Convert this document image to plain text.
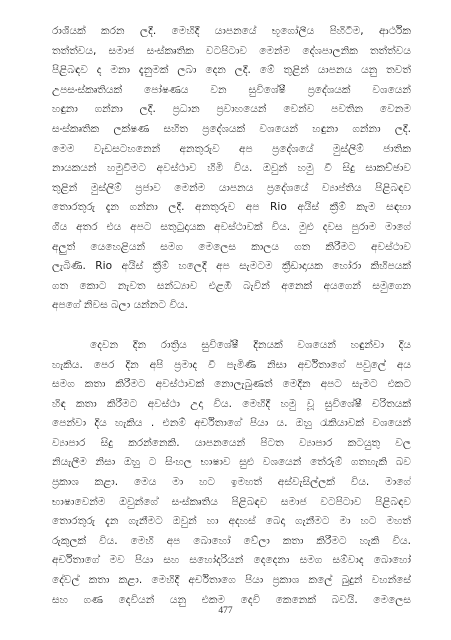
රාශියක් කරන ලදී. මෙහිදී යාපනයේ භූගෝලීය පිහිටීම, ආර්ථික
තත්ත්වය, සමාජ සංස්කෘතික වටපිටාව මෙන්ම දේශපාලනික තත්ත්වය
පිළිබඳව ද මනා දැනුමක් ලබා දෙන ලදී. මේ තුළින් යාපනය යනු තවත්
උපසංස්කෘතියක් පෝෂණය වන සුවිශේෂී ප්‍රදේශයක් වශයෙන්
හඳුනා ගන්නා ලදී. ප්‍රධාන ප්‍රවාහයෙන් වෙන්ව පවතින වෙනම
සංස්කෘතික ලක්ෂණ සහිත ප්‍රදේශයක් වශයෙන් හඳුනා ගන්නා ලදී.
මෙම වැඩසටහනෙන් අනතුරුව අප ප්‍රදේශයේ මුස්ලිම් ජාතික
නායකයන් හමුවීමට අවස්ථාව හිමි විය. ඔවුන් හමු වී සිදු සාකච්ඡාව
තුළින් මුස්ලිම් ප්‍රජාව මෙන්ම යාපනය ප්‍රදේශයේ ව්‍යාප්තිය පිළිබඳව
තොරතුරු දැන ගන්නා ලදී. අනතුරුව අප Rio අයිස් ක්‍රීම් කැම සඳහා
ගිය අතර එය අපට සතුටුදායක අවස්ථාවක් විය. මුළු දවස පුරාම මාගේ
අලුත් යෙහෙළියන් සමග මෙලෙස කාලය ගත කිරීමට අවස්ථාව
ලැබිණි. Rio අයිස් ක්‍රීම් හලෙදී අප සැමටම ක්‍රීඩාදායක හෝරා කිහිපයක්
ගත කොට නැවත සන්ධ්‍යාව එළඹී බැවින් අනෙක් අයගෙන් සමුගෙන
අපගේ නිවස බලා යන්නට විය.
දෙවන දින රාත්‍රිය සුවිශේෂී දිනයක් වශයෙන් හඳුන්වා දිය
හැකිය. පෙර දින අපි ප්‍රමාද වී පැමිණි නිසා අර්චිතාගේ පවුලේ අය
සමග කතා කිරීමට අවස්ථාවක් නොලැබුණත් මෙදින අපට සැමට එකට
හිඳ කතා කිරීමට අවස්ථා උදා විය. මෙහිදී හමු වූ සුවිශේෂී චරිතයක්
පෙන්වා දිය හැකිය . එනම් අර්චිතාගේ පියා ය. ඔහු රැකියාවක් වශයෙන්
ව්‍යාපාර සිදු කරන්නෙකි. යාපනයෙන් පිටත ව්‍යාපාර කටයුතු වල
නියැලීම නිසා ඔහු ට සිංහල භාෂාව සුළු වශයෙන් තේරුම් ගතහැකි බව
ප්‍රකාශ කළා. මෙය මා හට ඉමහත් අස්වැසිල්ලක් විය. මාගේ
භාෂාවෙන්ම ඔවුන්ගේ සංස්කෘතිය පිළිබඳව සමාජ වටපිටාව පිළිබඳව
තොරතුරු දැන ගැනීමට ඔවුන් හා අදහස් බෙදා ගැනීමට මා හට මහත්
රුකුලක් විය. මෙහි අප බොහෝ වේලා කතා කිරීමට හැකි විය.
අර්චිතාගේ මව පියා සහ සහෝදරියන් දෙදෙනා සමග සම්වාද බොහෝ
දේවල් කතා කළා. මෙහිදී අර්චිතාගෙ පියා ප්‍රකාශ කලේ බුදුන් වහන්සේ
සහ ගණ දෙවියන් යනු එකම දෙවි කෙනෙක් බවයි. මෙලෙස
477
